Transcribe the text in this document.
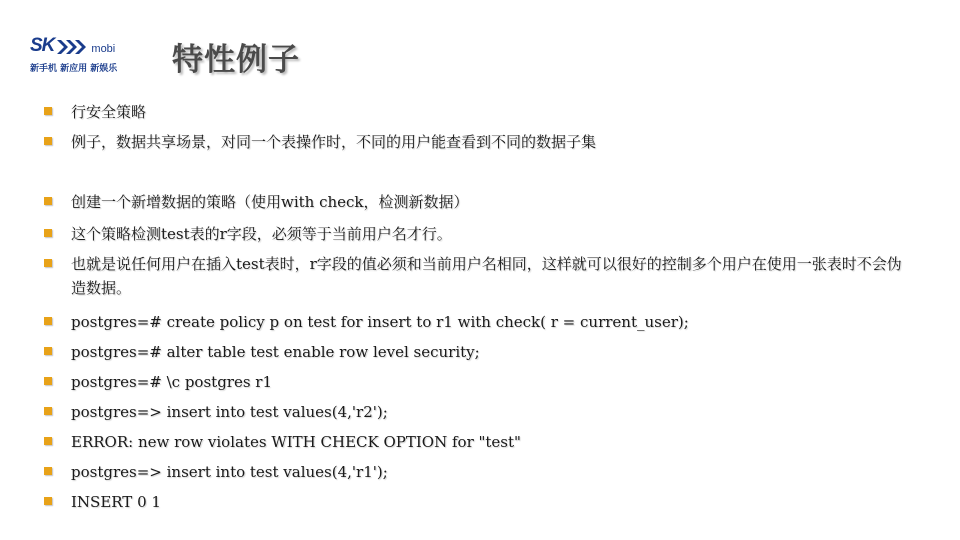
SK	mobi
新手机 新应用 新娱乐	特性例子
行安全策略
例子，数据共享场景，对同一个表操作时，不同的用户能查看到不同的数据子集
创建一个新增数据的策略（使用with check，检测新数据）
这个策略检测test表的r字段，必须等于当前用户名才行。
也就是说任何用户在插入test表时，r字段的值必须和当前用户名相同，这样就可以很好的控制多个用户在使用一张表时不会伪造数据。
postgres=# create policy p on test for insert to r1 with check( r = current_user);
postgres=# alter table test enable row level security;
postgres=# \c postgres r1
postgres=> insert into test values(4,'r2');
ERROR: new row violates WITH CHECK OPTION for "test"
postgres=> insert into test values(4,'r1');
INSERT 0 1
